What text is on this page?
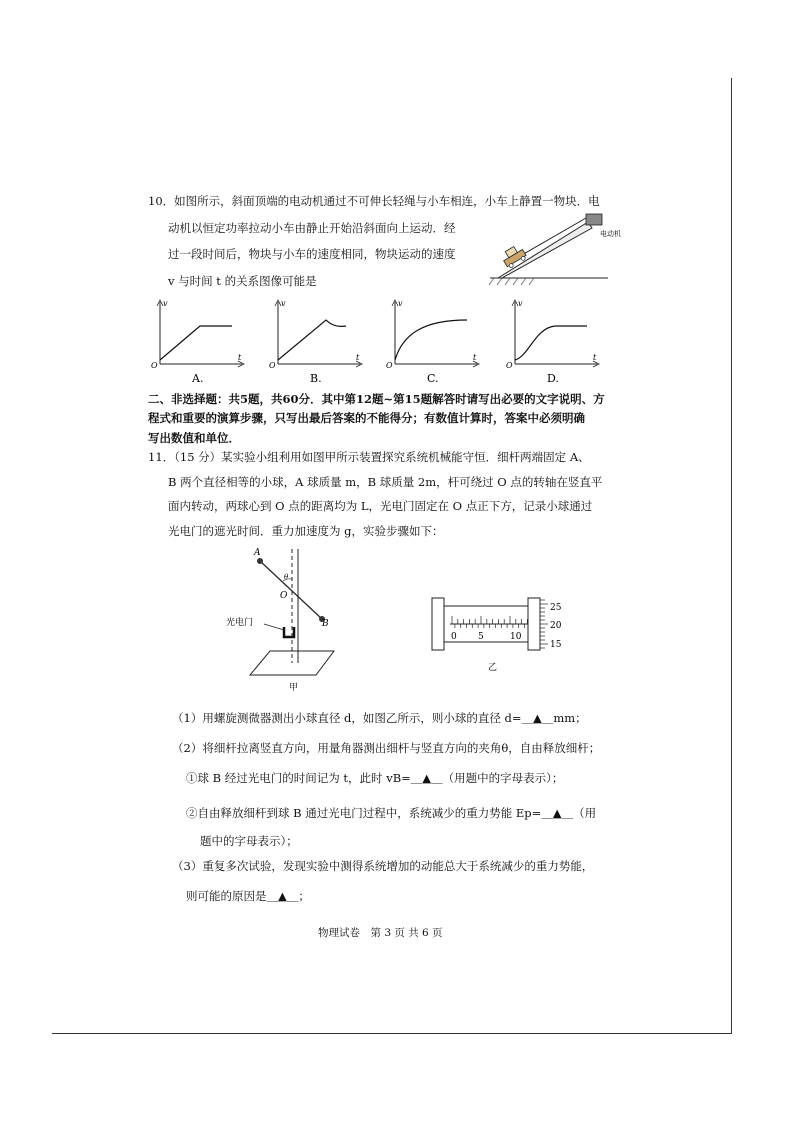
10．如图所示，斜面顶端的电动机通过不可伸长轻绳与小车相连，小车上静置一物块．电
动机以恒定功率拉动小车由静止开始沿斜面向上运动．经
过一段时间后，物块与小车的速度相同，物块运动的速度
v 与时间 t 的关系图像可能是
电动机
v
t
O
A.
v
t
O
B.
v
t
O
C.
v
t
O
D.
二、非选择题：共5题，共60分．其中第12题~第15题解答时请写出必要的文字说明、方
程式和重要的演算步骤，只写出最后答案的不能得分；有数值计算时，答案中必须明确
写出数值和单位．
11．（15 分）某实验小组利用如图甲所示装置探究系统机械能守恒．细杆两端固定 A、
B 两个直径相等的小球，A 球质量 m，B 球质量 2m，杆可绕过 O 点的转轴在竖直平
面内转动，两球心到 O 点的距离均为 L，光电门固定在 O 点正下方，记录小球通过
光电门的遮光时间．重力加速度为 g，实验步骤如下：
A
B
O
θ
光电门
甲
0 5	10
25
20
15
乙
（1）用螺旋测微器测出小球直径 d，如图乙所示，则小球的直径 d=＿▲＿mm；
（2）将细杆拉离竖直方向，用量角器测出细杆与竖直方向的夹角θ，自由释放细杆；
①球 B 经过光电门的时间记为 t，此时 vB=＿▲＿（用题中的字母表示）；
②自由释放细杆到球 B 通过光电门过程中，系统减少的重力势能 Ep=＿▲＿（用
题中的字母表示）；
（3）重复多次试验，发现实验中测得系统增加的动能总大于系统减少的重力势能，
则可能的原因是＿▲＿；
物理试卷　第 3 页 共 6 页
